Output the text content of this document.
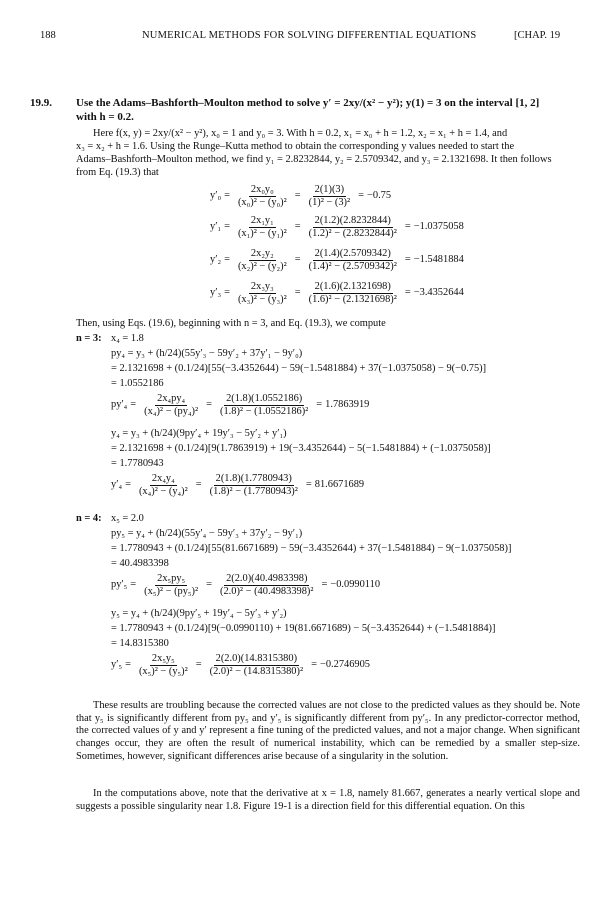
188	NUMERICAL METHODS FOR SOLVING DIFFERENTIAL EQUATIONS	[CHAP. 19
19.9. Use the Adams–Bashforth–Moulton method to solve y′ = 2xy/(x² − y²); y(1) = 3 on the interval [1, 2]
with h = 0.2.
Here f(x, y) = 2xy/(x² − y²), x₀ = 1 and y₀ = 3. With h = 0.2, x₁ = x₀ + h = 1.2, x₂ = x₁ + h = 1.4, and
x₃ = x₂ + h = 1.6. Using the Runge–Kutta method to obtain the corresponding y values needed to start the
Adams–Bashforth–Moulton method, we find y₁ = 2.8232844, y₂ = 2.5709342, and y₃ = 2.1321698. It then follows
from Eq. (19.3) that
$y'_0 = \frac{\text{2x₀y₀}}{\text{(x₀)² − (y₀)²}} = \frac{2(1)(3)}{\text{(1)² − (3)²}} = -0.75$
$y'_1 = \frac{\text{2x₁y₁}}{\text{(x₁)² − (y₁)²}} = \frac{2(1.2)(2.8232844)}{\text{(1.2)² − (2.8232844)²}} = -1.0375058$
$y'_2 = \frac{\text{2x₂y₂}}{\text{(x₂)² − (y₂)²}} = \frac{2(1.4)(2.5709342)}{\text{(1.4)² − (2.5709342)²}} = -1.5481884$
$y'_3 = \frac{\text{2x₃y₃}}{\text{(x₃)² − (y₃)²}} = \frac{2(1.6)(2.1321698)}{\text{(1.6)² − (2.1321698)²}} = -3.4352644$
Then, using Eqs. (19.6), beginning with n = 3, and Eq. (19.3), we compute
n = 3: x₄ = 1.8
py₄ = y₃ + (h/24)(55y′₃ − 59y′₂ + 37y′₁ − 9y′₀)
= 2.1321698 + (0.1/24)[55(−3.4352644) − 59(−1.5481884) + 37(−1.0375058) − 9(−0.75)]
= 1.0552186
$py'_4 = \frac{\text{2x₄py₄}}{\text{(x₄)² − (py₄)²}} = \frac{2(1.8)(1.0552186)}{\text{(1.8)² − (1.0552186)²}} = 1.7863919$
y₄ = y₃ + (h/24)(9py′₄ + 19y′₃ − 5y′₂ + y′₁)
= 2.1321698 + (0.1/24)[9(1.7863919) + 19(−3.4352644) − 5(−1.5481884) + (−1.0375058)]
= 1.7780943
$y'_4 = \frac{\text{2x₄y₄}}{\text{(x₄)² − (y₄)²}} = \frac{2(1.8)(1.7780943)}{\text{(1.8)² − (1.7780943)²}} = 81.6671689$
n = 4: x₅ = 2.0
py₅ = y₄ + (h/24)(55y′₄ − 59y′₃ + 37y′₂ − 9y′₁)
= 1.7780943 + (0.1/24)[55(81.6671689) − 59(−3.4352644) + 37(−1.5481884) − 9(−1.0375058)]
= 40.4983398
$py'_5 = \frac{\text{2x₅py₅}}{\text{(x₅)² − (py₅)²}} = \frac{2(2.0)(40.4983398)}{\text{(2.0)² − (40.4983398)²}} = -0.0990110$
y₅ = y₄ + (h/24)(9py′₅ + 19y′₄ − 5y′₃ + y′₂)
= 1.7780943 + (0.1/24)[9(−0.0990110) + 19(81.6671689) − 5(−3.4352644) + (−1.5481884)]
= 14.8315380
$y'_5 = \frac{\text{2x₅y₅}}{\text{(x₅)² − (y₅)²}} = \frac{2(2.0)(14.8315380)}{\text{(2.0)² − (14.8315380)²}} = -0.2746905$

These results are troubling because the corrected values are not close to the predicted values as they should be. Note that y₅ is significantly different from py₅ and y′₅ is significantly different from py′₅. In any predictor-corrector method, the corrected values of y and y′ represent a fine tuning of the predicted values, and not a major change. When significant changes occur, they are often the result of numerical instability, which can be remedied by a smaller step-size. Sometimes, however, significant differences arise because of a singularity in the solution.

In the computations above, note that the derivative at x = 1.8, namely 81.667, generates a nearly vertical slope and suggests a possible singularity near 1.8. Figure 19-1 is a direction field for this differential equation. On this
